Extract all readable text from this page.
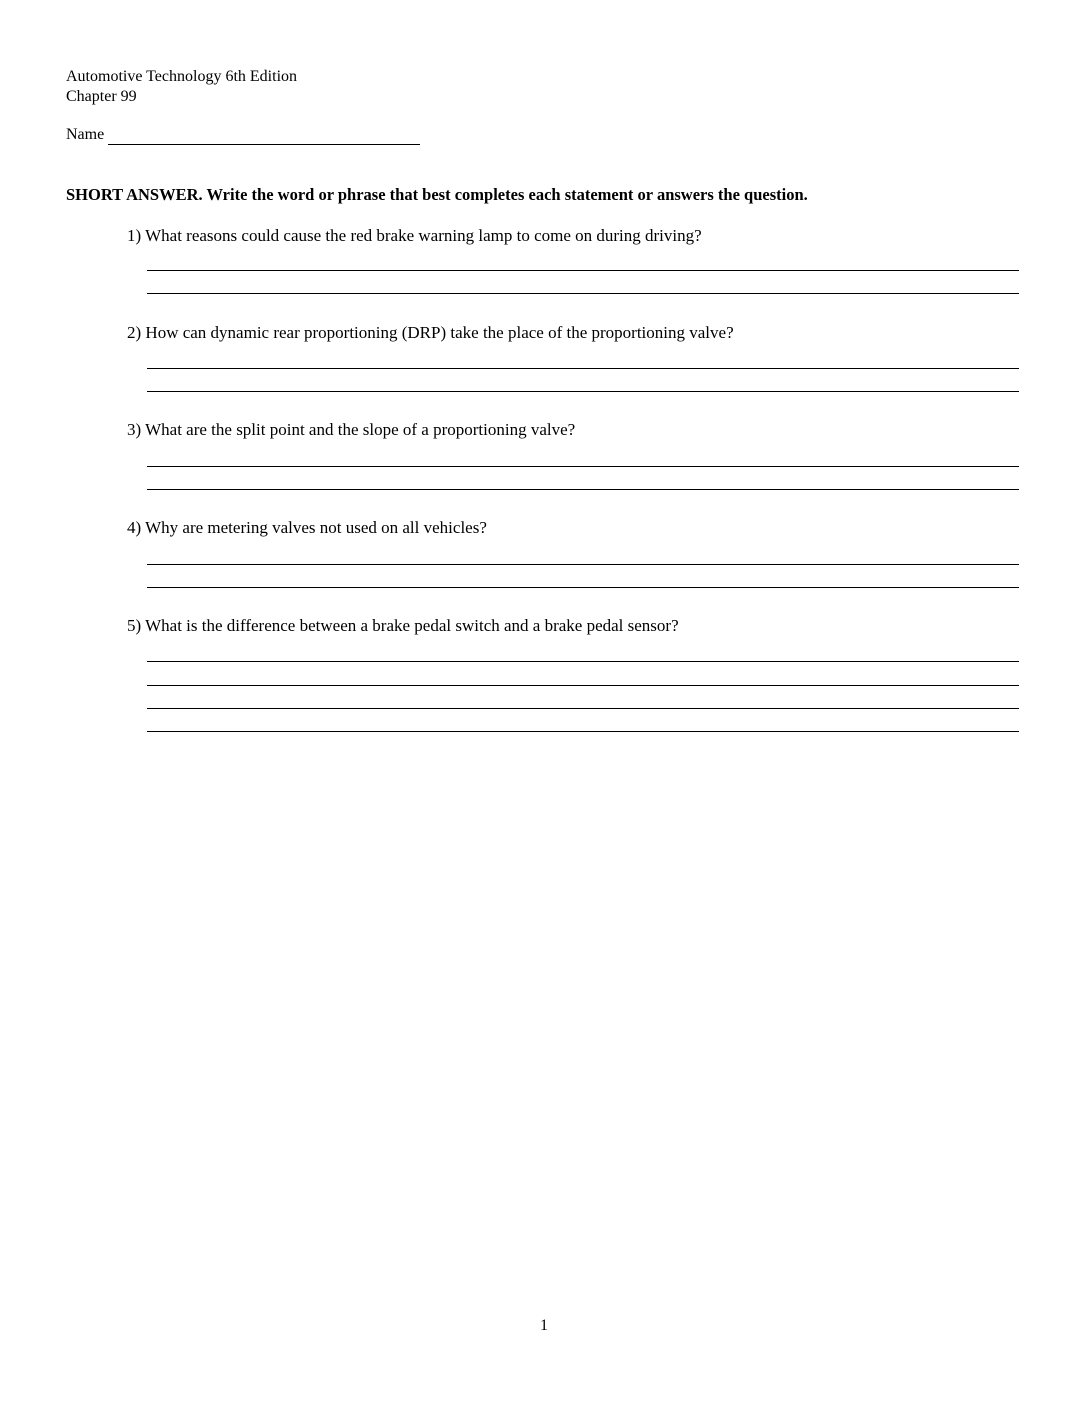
Automotive Technology 6th Edition
Chapter 99
Name
SHORT ANSWER. Write the word or phrase that best completes each statement or answers the question.
1) What reasons could cause the red brake warning lamp to come on during driving?
2) How can dynamic rear proportioning (DRP) take the place of the proportioning valve?
3) What are the split point and the slope of a proportioning valve?
4) Why are metering valves not used on all vehicles?
5) What is the difference between a brake pedal switch and a brake pedal sensor?
1
